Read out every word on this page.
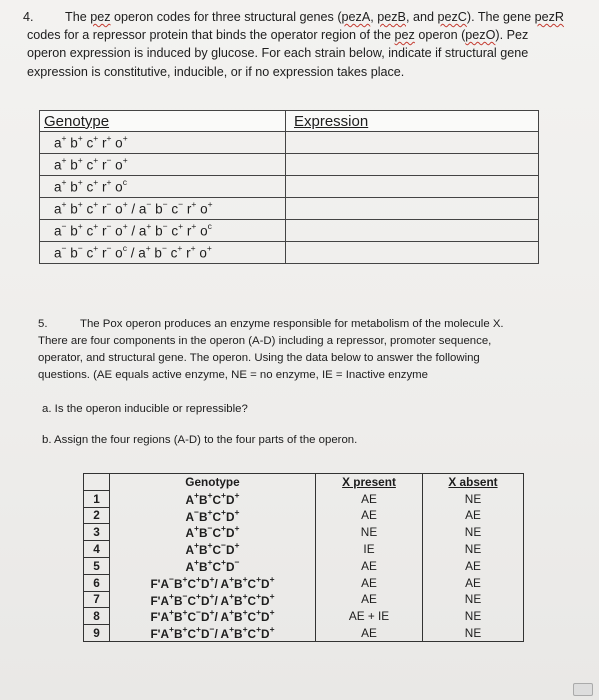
4.	The pez operon codes for three structural genes (pezA, pezB, and pezC). The gene pezR
codes for a repressor protein that binds the operator region of the pez operon (pezO). Pez
operon expression is induced by glucose. For each strain below, indicate if structural gene
expression is constitutive, inducible, or if no expression takes place.
Genotype	Expression
a+ b+ c+ r+ o+	
a+ b+ c+ r− o+	
a+ b+ c+ r+ $o^c$	
a+ b+ c+ r− o+ / a− b− c− r+ o+	
a− b+ c+ r− o+ / a+ b− c+ r+ $o^c$	
a− b− c+ r− $o^c / a^+$ b− c+ r+ o+	
5.	The Pox operon produces an enzyme responsible for metabolism of the molecule X.
There are four components in the operon (A-D) including a repressor, promoter sequence,
operator, and structural gene. The operon. Using the data below to answer the following
questions. (AE equals active enzyme, NE = no enzyme, IE = Inactive enzyme
a. Is the operon inducible or repressible?
b. Assign the four regions (A-D) to the four parts of the operon.
	Genotype	X present	X absent
1	A+B+C+D+	AE	NE
2	A−B+C+D+	AE	AE
3	A+B−C+D+	NE	NE
4	A+B+C−D+	IE	NE
5	A+B+C+D−	AE	AE
6	F'A−B+C+D+/ A+B+C+D+	AE	AE
7	F'A+B−C+D+/ A+B+C+D+	AE	NE
8	F'A+B+C−D+/ A+B+C+D+	AE + IE	NE
9	F'A+B+C+D−/ A+B+C+D+	AE	NE
